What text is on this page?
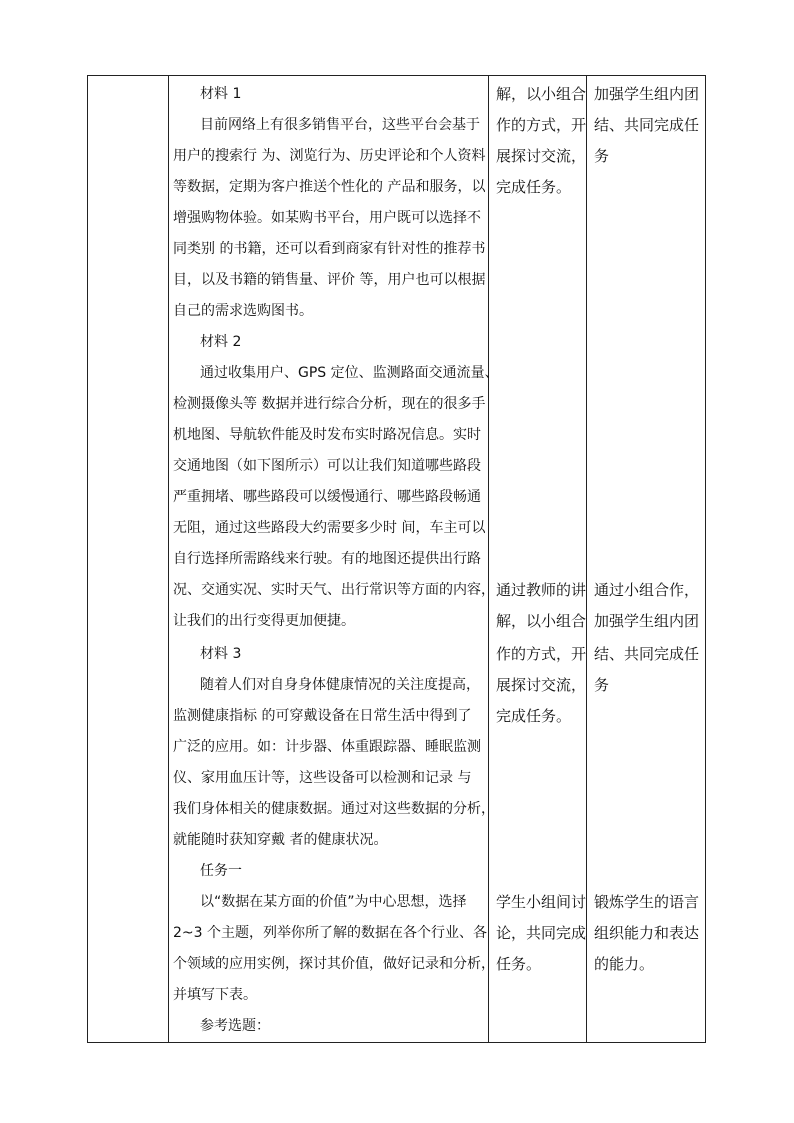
材料 1
目前网络上有很多销售平台，这些平台会基于
用户的搜索行 为、浏览行为、历史评论和个人资料
等数据，定期为客户推送个性化的 产品和服务，以
增强购物体验。如某购书平台，用户既可以选择不
同类别 的书籍，还可以看到商家有针对性的推荐书
目，以及书籍的销售量、评价 等，用户也可以根据
自己的需求选购图书。
材料 2
通过收集用户、GPS 定位、监测路面交通流量、
检测摄像头等 数据并进行综合分析，现在的很多手
机地图、导航软件能及时发布实时路况信息。实时
交通地图（如下图所示）可以让我们知道哪些路段
严重拥堵、哪些路段可以缓慢通行、哪些路段畅通
无阻，通过这些路段大约需要多少时 间，车主可以
自行选择所需路线来行驶。有的地图还提供出行路
况、交通实况、实时天气、出行常识等方面的内容，
让我们的出行变得更加便捷。
材料 3
随着人们对自身身体健康情况的关注度提高，
监测健康指标 的可穿戴设备在日常生活中得到了
广泛的应用。如：计步器、体重跟踪器、睡眠监测
仪、家用血压计等，这些设备可以检测和记录 与
我们身体相关的健康数据。通过对这些数据的分析，
就能随时获知穿戴 者的健康状况。
任务一
以“数据在某方面的价值”为中心思想，选择
2~3 个主题，列举你所了解的数据在各个行业、各
个领域的应用实例，探讨其价值，做好记录和分析，
并填写下表。
参考选题：
解，以小组合
作的方式，开
展探讨交流，
完成任务。
通过教师的讲
解，以小组合
作的方式，开
展探讨交流，
完成任务。
学生小组间讨
论，共同完成
任务。
加强学生组内团
结、共同完成任
务
通过小组合作，
加强学生组内团
结、共同完成任
务
锻炼学生的语言
组织能力和表达
的能力。
